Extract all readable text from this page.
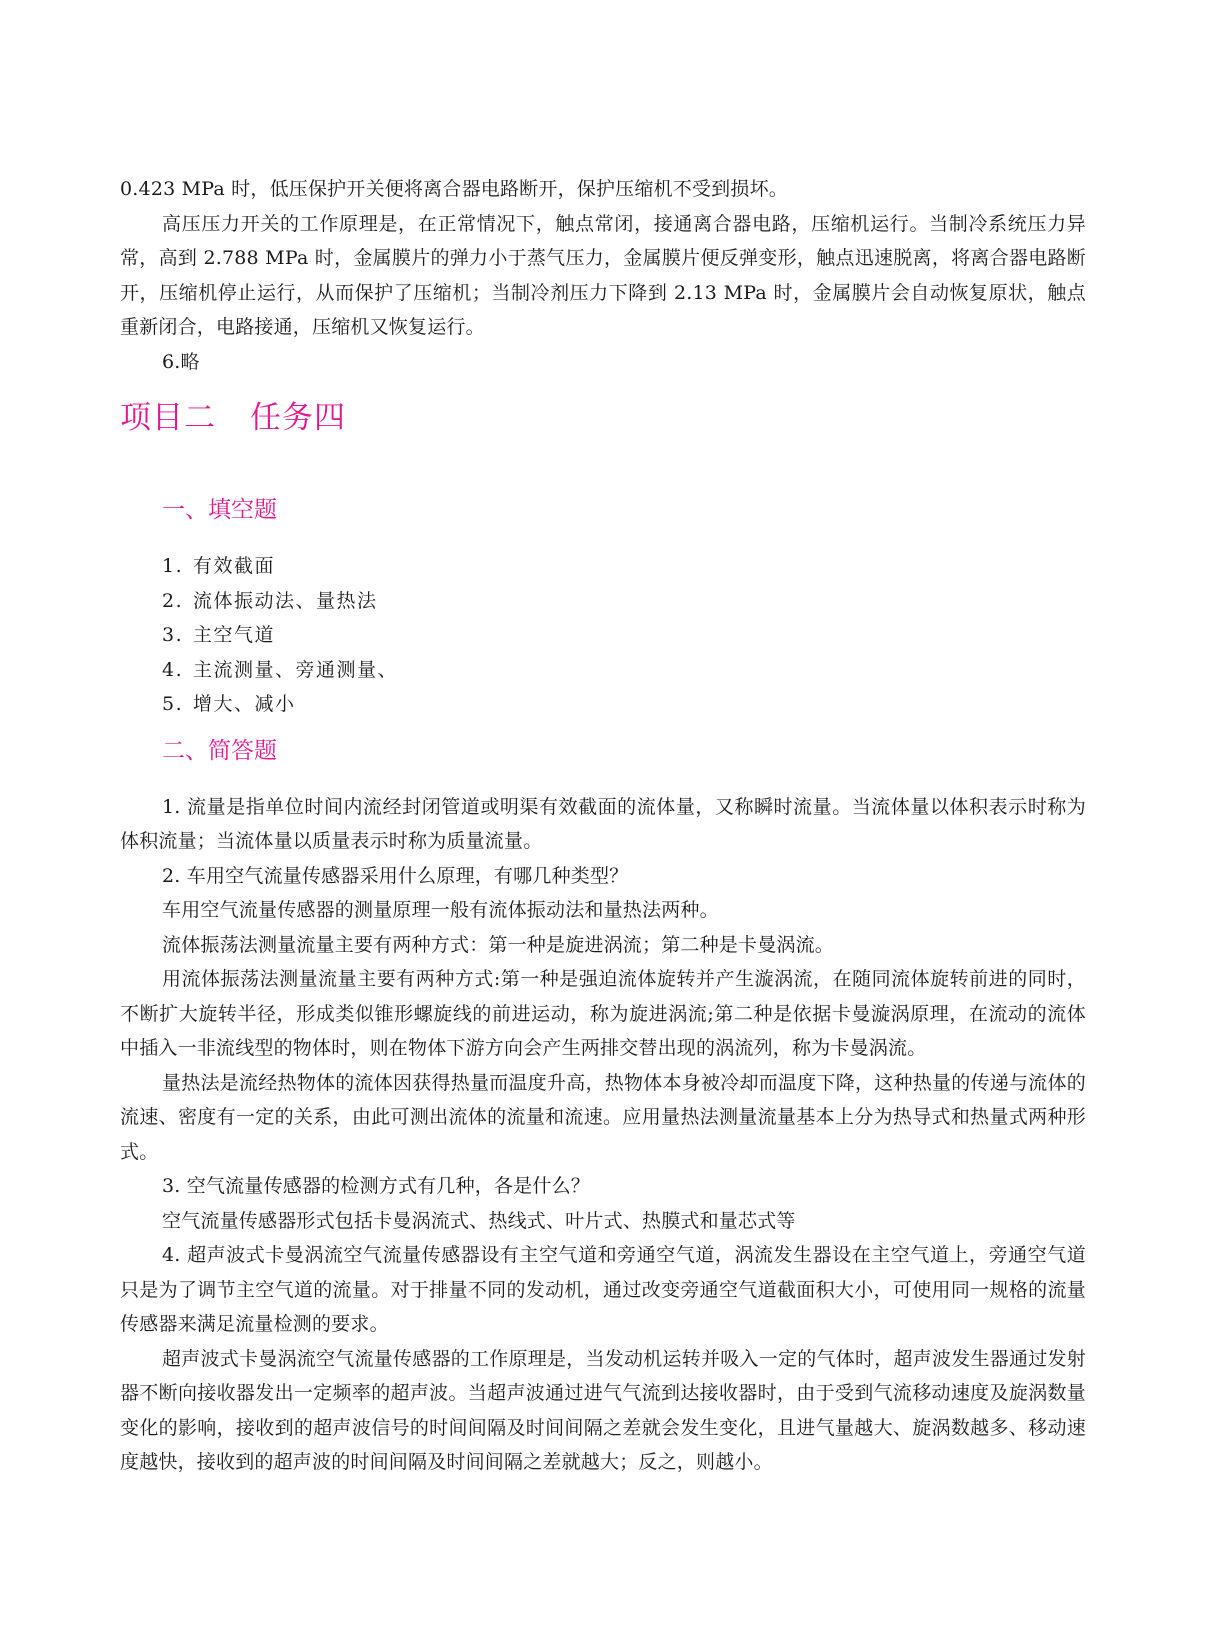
0.423 MPa 时，低压保护开关便将离合器电路断开，保护压缩机不受到损坏。

高压压力开关的工作原理是，在正常情况下，触点常闭，接通离合器电路，压缩机运行。当制冷系统压力异常，高到 2.788 MPa 时，金属膜片的弹力小于蒸气压力，金属膜片便反弹变形，触点迅速脱离，将离合器电路断开，压缩机停止运行，从而保护了压缩机；当制冷剂压力下降到 2.13 MPa 时，金属膜片会自动恢复原状，触点重新闭合，电路接通，压缩机又恢复运行。

6.略

项目二 任务四
一、填空题

1. 有效截面

2. 流体振动法、量热法

3. 主空气道

4. 主流测量、旁通测量、

5. 增大、减小

二、简答题

1. 流量是指单位时间内流经封闭管道或明渠有效截面的流体量，又称瞬时流量。当流体量以体积表示时称为体积流量；当流体量以质量表示时称为质量流量。

2. 车用空气流量传感器采用什么原理，有哪几种类型？

车用空气流量传感器的测量原理一般有流体振动法和量热法两种。

流体振荡法测量流量主要有两种方式：第一种是旋进涡流；第二种是卡曼涡流。

用流体振荡法测量流量主要有两种方式:第一种是强迫流体旋转并产生漩涡流，在随同流体旋转前进的同时，不断扩大旋转半径，形成类似锥形螺旋线的前进运动，称为旋进涡流;第二种是依据卡曼漩涡原理，在流动的流体中插入一非流线型的物体时，则在物体下游方向会产生两排交替出现的涡流列，称为卡曼涡流。

量热法是流经热物体的流体因获得热量而温度升高，热物体本身被冷却而温度下降，这种热量的传递与流体的流速、密度有一定的关系，由此可测出流体的流量和流速。应用量热法测量流量基本上分为热导式和热量式两种形式。

3. 空气流量传感器的检测方式有几种，各是什么？

空气流量传感器形式包括卡曼涡流式、热线式、叶片式、热膜式和量芯式等

4. 超声波式卡曼涡流空气流量传感器设有主空气道和旁通空气道，涡流发生器设在主空气道上，旁通空气道只是为了调节主空气道的流量。对于排量不同的发动机，通过改变旁通空气道截面积大小，可使用同一规格的流量传感器来满足流量检测的要求。

超声波式卡曼涡流空气流量传感器的工作原理是，当发动机运转并吸入一定的气体时，超声波发生器通过发射器不断向接收器发出一定频率的超声波。当超声波通过进气气流到达接收器时，由于受到气流移动速度及旋涡数量变化的影响，接收到的超声波信号的时间间隔及时间间隔之差就会发生变化，且进气量越大、旋涡数越多、移动速度越快，接收到的超声波的时间间隔及时间间隔之差就越大；反之，则越小。
